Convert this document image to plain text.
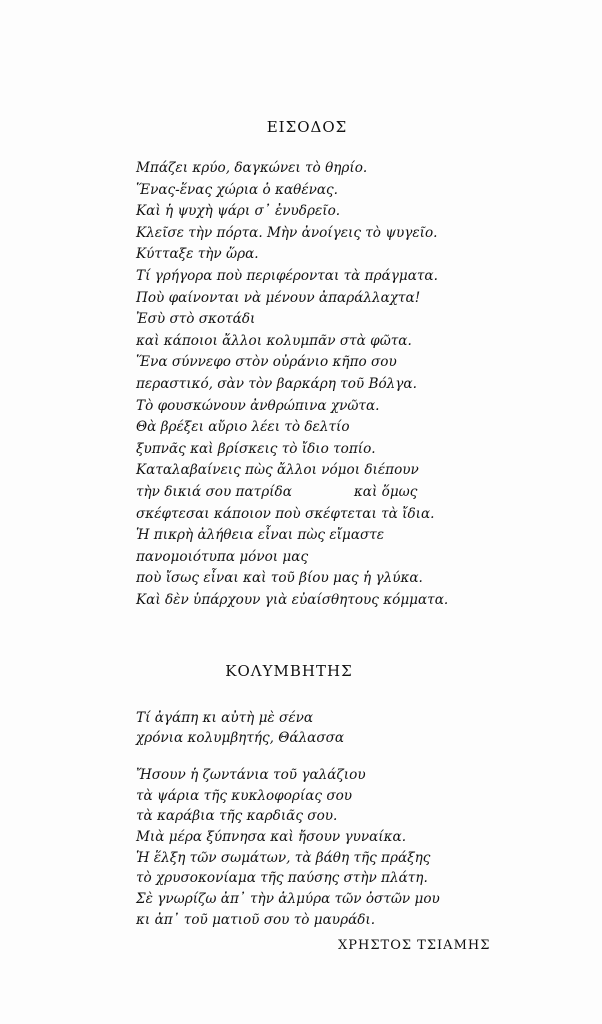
ΕΙΣΟΔΟΣ
Μπάζει κρύο, δαγκώνει τὸ θηρίο.
Ἕνας-ἕνας χώρια ὁ καθένας.
Καὶ ἡ ψυχὴ ψάρι σ᾽ ἐνυδρεῖο.
Κλεῖσε τὴν πόρτα. Μὴν ἀνοίγεις τὸ ψυγεῖο.
Κύτταξε τὴν ὥρα.
Τί γρήγορα ποὺ περιφέρονται τὰ πράγματα.
Ποὺ φαίνονται νὰ μένουν ἀπαράλλαχτα!
Ἐσὺ στὸ σκοτάδι
καὶ κάποιοι ἄλλοι κολυμπᾶν στὰ φῶτα.
Ἕνα σύννεφο στὸν οὐράνιο κῆπο σου
περαστικό, σὰν τὸν βαρκάρη τοῦ Βόλγα.
Τὸ φουσκώνουν ἀνθρώπινα χνῶτα.
Θὰ βρέξει αὔριο λέει τὸ δελτίο
ξυπνᾶς καὶ βρίσκεις τὸ ἴδιο τοπίο.
Καταλαβαίνεις πὼς ἄλλοι νόμοι διέπουν
τὴν δικιά σου πατρίδα	καὶ ὅμως
σκέφτεσαι κάποιον ποὺ σκέφτεται τὰ ἴδια.
Ἡ πικρὴ ἀλήθεια εἶναι πὼς εἴμαστε
πανομοιότυπα μόνοι μας
ποὺ ἴσως εἶναι καὶ τοῦ βίου μας ἡ γλύκα.
Καὶ δὲν ὑπάρχουν γιὰ εὐαίσθητους κόμματα.
ΚΟΛΥΜΒΗΤΗΣ
Τί ἀγάπη κι αὐτὴ μὲ σένα
χρόνια κολυμβητής, Θάλασσα
Ἤσουν ἡ ζωντάνια τοῦ γαλάζιου
τὰ ψάρια τῆς κυκλοφορίας σου
τὰ καράβια τῆς καρδιᾶς σου.
Μιὰ μέρα ξύπνησα καὶ ἤσουν γυναίκα.
Ἡ ἕλξη τῶν σωμάτων, τὰ βάθη τῆς πράξης
τὸ χρυσοκονίαμα τῆς παύσης στὴν πλάτη.
Σὲ γνωρίζω ἀπ᾽ τὴν ἁλμύρα τῶν ὀστῶν μου
κι ἀπ᾽ τοῦ ματιοῦ σου τὸ μαυράδι.
ΧΡΗΣΤΟΣ ΤΣΙΑΜΗΣ
